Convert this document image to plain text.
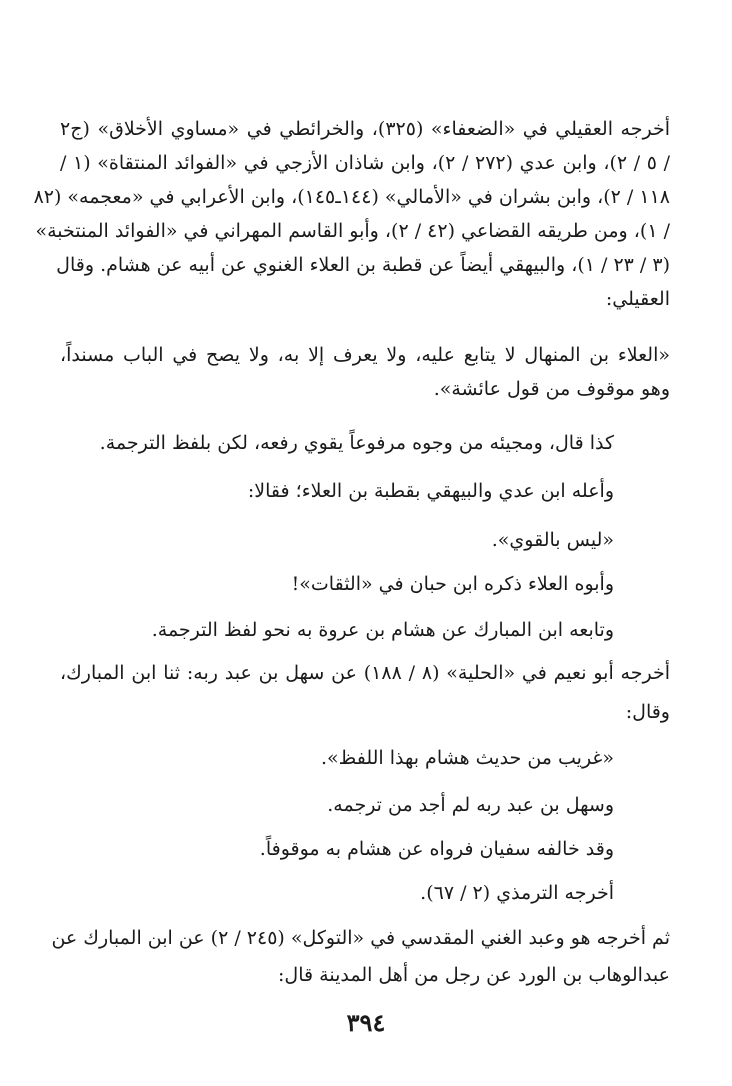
أخرجه العقيلي في «الضعفاء» (٣٢٥)، والخرائطي في «مساوي الأخلاق» (ج٢
/ ٥ / ٢)، وابن عدي (٢٧٢ / ٢)، وابن شاذان الأزجي في «الفوائد المنتقاة» (١ /
١١٨ / ٢)، وابن بشران في «الأمالي» (١٤٤ـ١٤٥)، وابن الأعرابي في «معجمه» (٨٢
/ ١)، ومن طريقه القضاعي (٤٢ / ٢)، وأبو القاسم المهراني في «الفوائد المنتخبة»
(٣ / ٢٣ / ١)، والبيهقي أيضاً عن قطبة بن العلاء الغنوي عن أبيه عن هشام. وقال
العقيلي:
«العلاء بن المنهال لا يتابع عليه، ولا يعرف إلا به، ولا يصح في الباب مسنداً،
وهو موقوف من قول عائشة».
كذا قال، ومجيئه من وجوه مرفوعاً يقوي رفعه، لكن بلفظ الترجمة.
وأعله ابن عدي والبيهقي بقطبة بن العلاء؛ فقالا:
«ليس بالقوي».
وأبوه العلاء ذكره ابن حبان في «الثقات»!
وتابعه ابن المبارك عن هشام بن عروة به نحو لفظ الترجمة.
أخرجه أبو نعيم في «الحلية» (٨ / ١٨٨) عن سهل بن عبد ربه: ثنا ابن المبارك،
وقال:
«غريب من حديث هشام بهذا اللفظ».
وسهل بن عبد ربه لم أجد من ترجمه.
وقد خالفه سفيان فرواه عن هشام به موقوفاً.
أخرجه الترمذي (٢ / ٦٧).
ثم أخرجه هو وعبد الغني المقدسي في «التوكل» (٢٤٥ / ٢) عن ابن المبارك عن
عبدالوهاب بن الورد عن رجل من أهل المدينة قال:
٣٩٤
